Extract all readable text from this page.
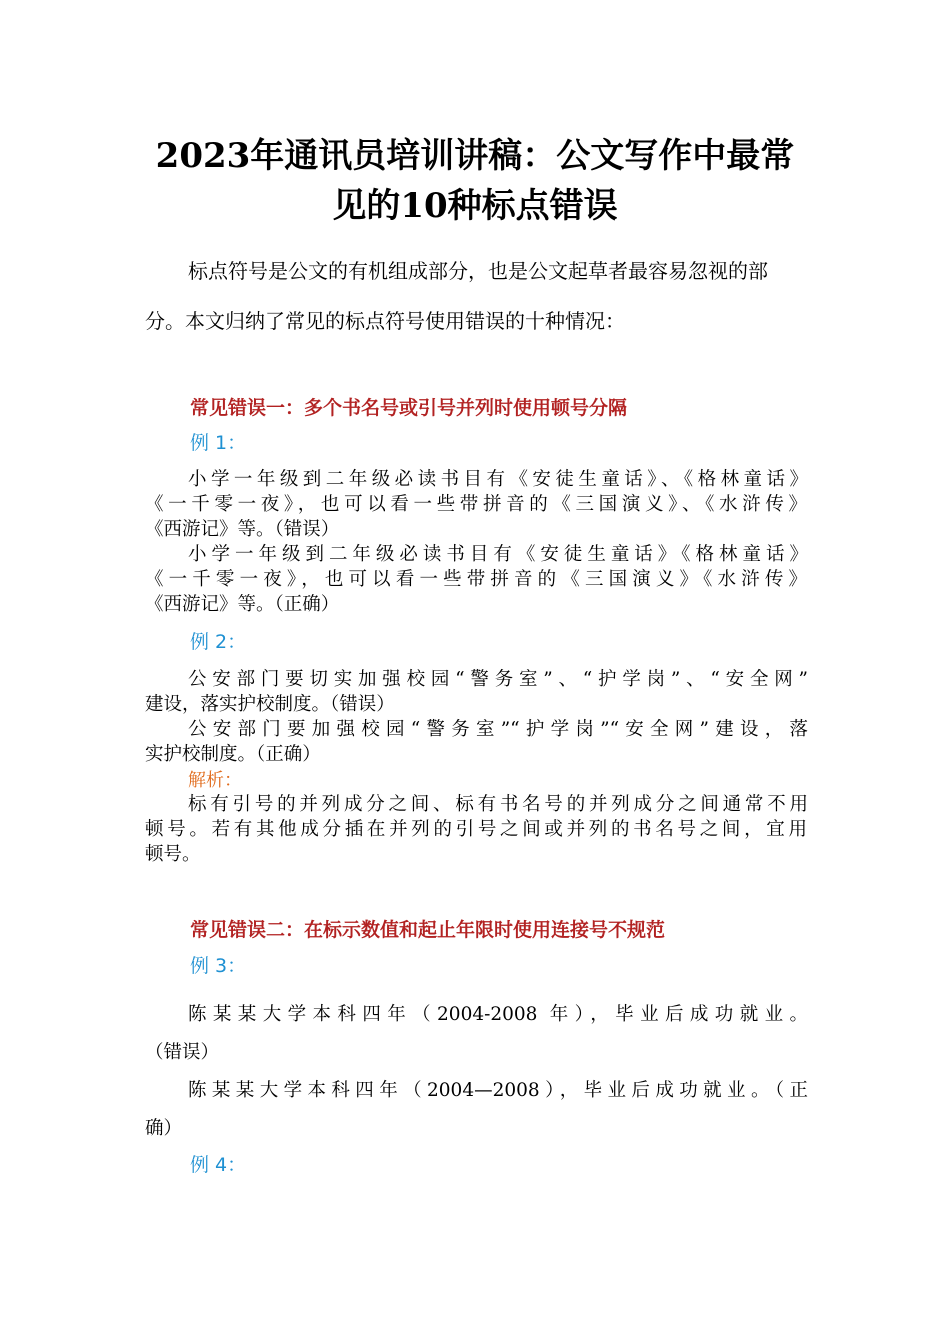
2023年通讯员培训讲稿：公文写作中最常
见的10种标点错误
标点符号是公文的有机组成部分，也是公文起草者最容易忽视的部
分。本文归纳了常见的标点符号使用错误的十种情况：
常见错误一：多个书名号或引号并列时使用顿号分隔
例 1：
小学一年级到二年级必读书目有《安徒生童话》、《格林童话》
《一千零一夜》，也可以看一些带拼音的《三国演义》、《水浒传》
《西游记》等。（错误）
小学一年级到二年级必读书目有《安徒生童话》《格林童话》
《一千零一夜》，也可以看一些带拼音的《三国演义》《水浒传》
《西游记》等。（正确）
例 2：
公安部门要切实加强校园“警务室”、“护学岗”、“安全网”
建设，落实护校制度。（错误）
公安部门要加强校园“警务室”“护学岗”“安全网”建设，落
实护校制度。（正确）
解析：
标有引号的并列成分之间、标有书名号的并列成分之间通常不用
顿号。若有其他成分插在并列的引号之间或并列的书名号之间，宜用
顿号。
常见错误二：在标示数值和起止年限时使用连接号不规范
例 3：
陈某某大学本科四年（2004-2008 年），毕业后成功就业。
（错误）
陈某某大学本科四年（2004—2008），毕业后成功就业。（正
确）
例 4：
